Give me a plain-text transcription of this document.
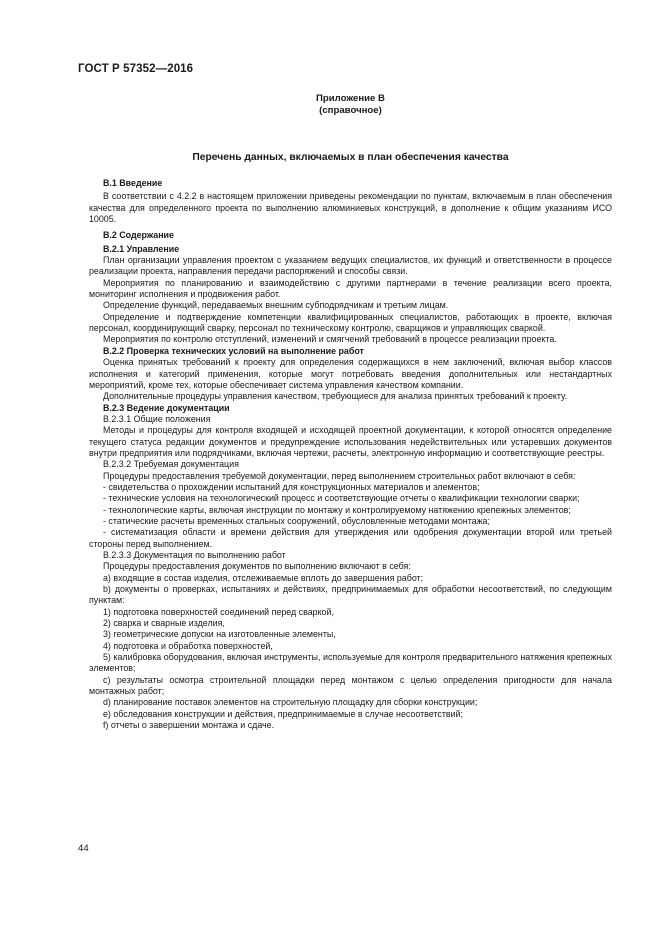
ГОСТ Р 57352—2016
Приложение В
(справочное)
Перечень данных, включаемых в план обеспечения качества

В.1 Введение

В соответствии с 4.2.2 в настоящем приложении приведены рекомендации по пунктам, включаемым в план обеспечения качества для определенного проекта по выполнению алюминиевых конструкций, в дополнение к общим указаниям ИСО 10005.

В.2 Содержание

В.2.1 Управление

План организации управления проектом с указанием ведущих специалистов, их функций и ответственности в процессе реализации проекта, направления передачи распоряжений и способы связи.

Мероприятия по планированию и взаимодействию с другими партнерами в течение реализации всего проекта, мониторинг исполнения и продвижения работ.

Определение функций, передаваемых внешним субподрядчикам и третьим лицам.

Определение и подтверждение компетенции квалифицированных специалистов, работающих в проекте, включая персонал, координирующий сварку, персонал по техническому контролю, сварщиков и управляющих сваркой.

Мероприятия по контролю отступлений, изменений и смягчений требований в процессе реализации проекта.

В.2.2 Проверка технических условий на выполнение работ

Оценка принятых требований к проекту для определения содержащихся в нем заключений, включая выбор классов исполнения и категорий применения, которые могут потребовать введения дополнительных или нестандартных мероприятий, кроме тех, которые обеспечивает система управления качеством компании.

Дополнительные процедуры управления качеством, требующиеся для анализа принятых требований к проекту.

В.2.3 Ведение документации

В.2.3.1 Общие положения

Методы и процедуры для контроля входящей и исходящей проектной документации, к которой относятся определение текущего статуса редакции документов и предупреждение использования недействительных или устаревших документов внутри предприятия или подрядчиками, включая чертежи, расчеты, электронную информацию и соответствующие реестры.

В.2.3.2 Требуемая документация

Процедуры предоставления требуемой документации, перед выполнением строительных работ включают в себя:

- свидетельства о прохождении испытаний для конструкционных материалов и элементов;

- технические условия на технологический процесс и соответствующие отчеты о квалификации технологии сварки;

- технологические карты, включая инструкции по монтажу и контролируемому натяжению крепежных элементов;

- статические расчеты временных стальных сооружений, обусловленные методами монтажа;

- систематизация области и времени действия для утверждения или одобрения документации второй или третьей стороны перед выполнением.

В.2.3.3 Документация по выполнению работ

Процедуры предоставления документов по выполнению включают в себя:

а) входящие в состав изделия, отслеживаемые вплоть до завершения работ;

b) документы о проверках, испытаниях и действиях, предпринимаемых для обработки несоответствий, по следующим пунктам:

1) подготовка поверхностей соединений перед сваркой,

2) сварка и сварные изделия,

3) геометрические допуски на изготовленные элементы,

4) подготовка и обработка поверхностей,

5) калибровка оборудования, включая инструменты, используемые для контроля предварительного натяжения крепежных элементов;

c) результаты осмотра строительной площадки перед монтажом с целью определения пригодности для начала монтажных работ;

d) планирование поставок элементов на строительную площадку для сборки конструкции;

e) обследования конструкции и действия, предпринимаемые в случае несоответствий;

f) отчеты о завершении монтажа и сдаче.

44
